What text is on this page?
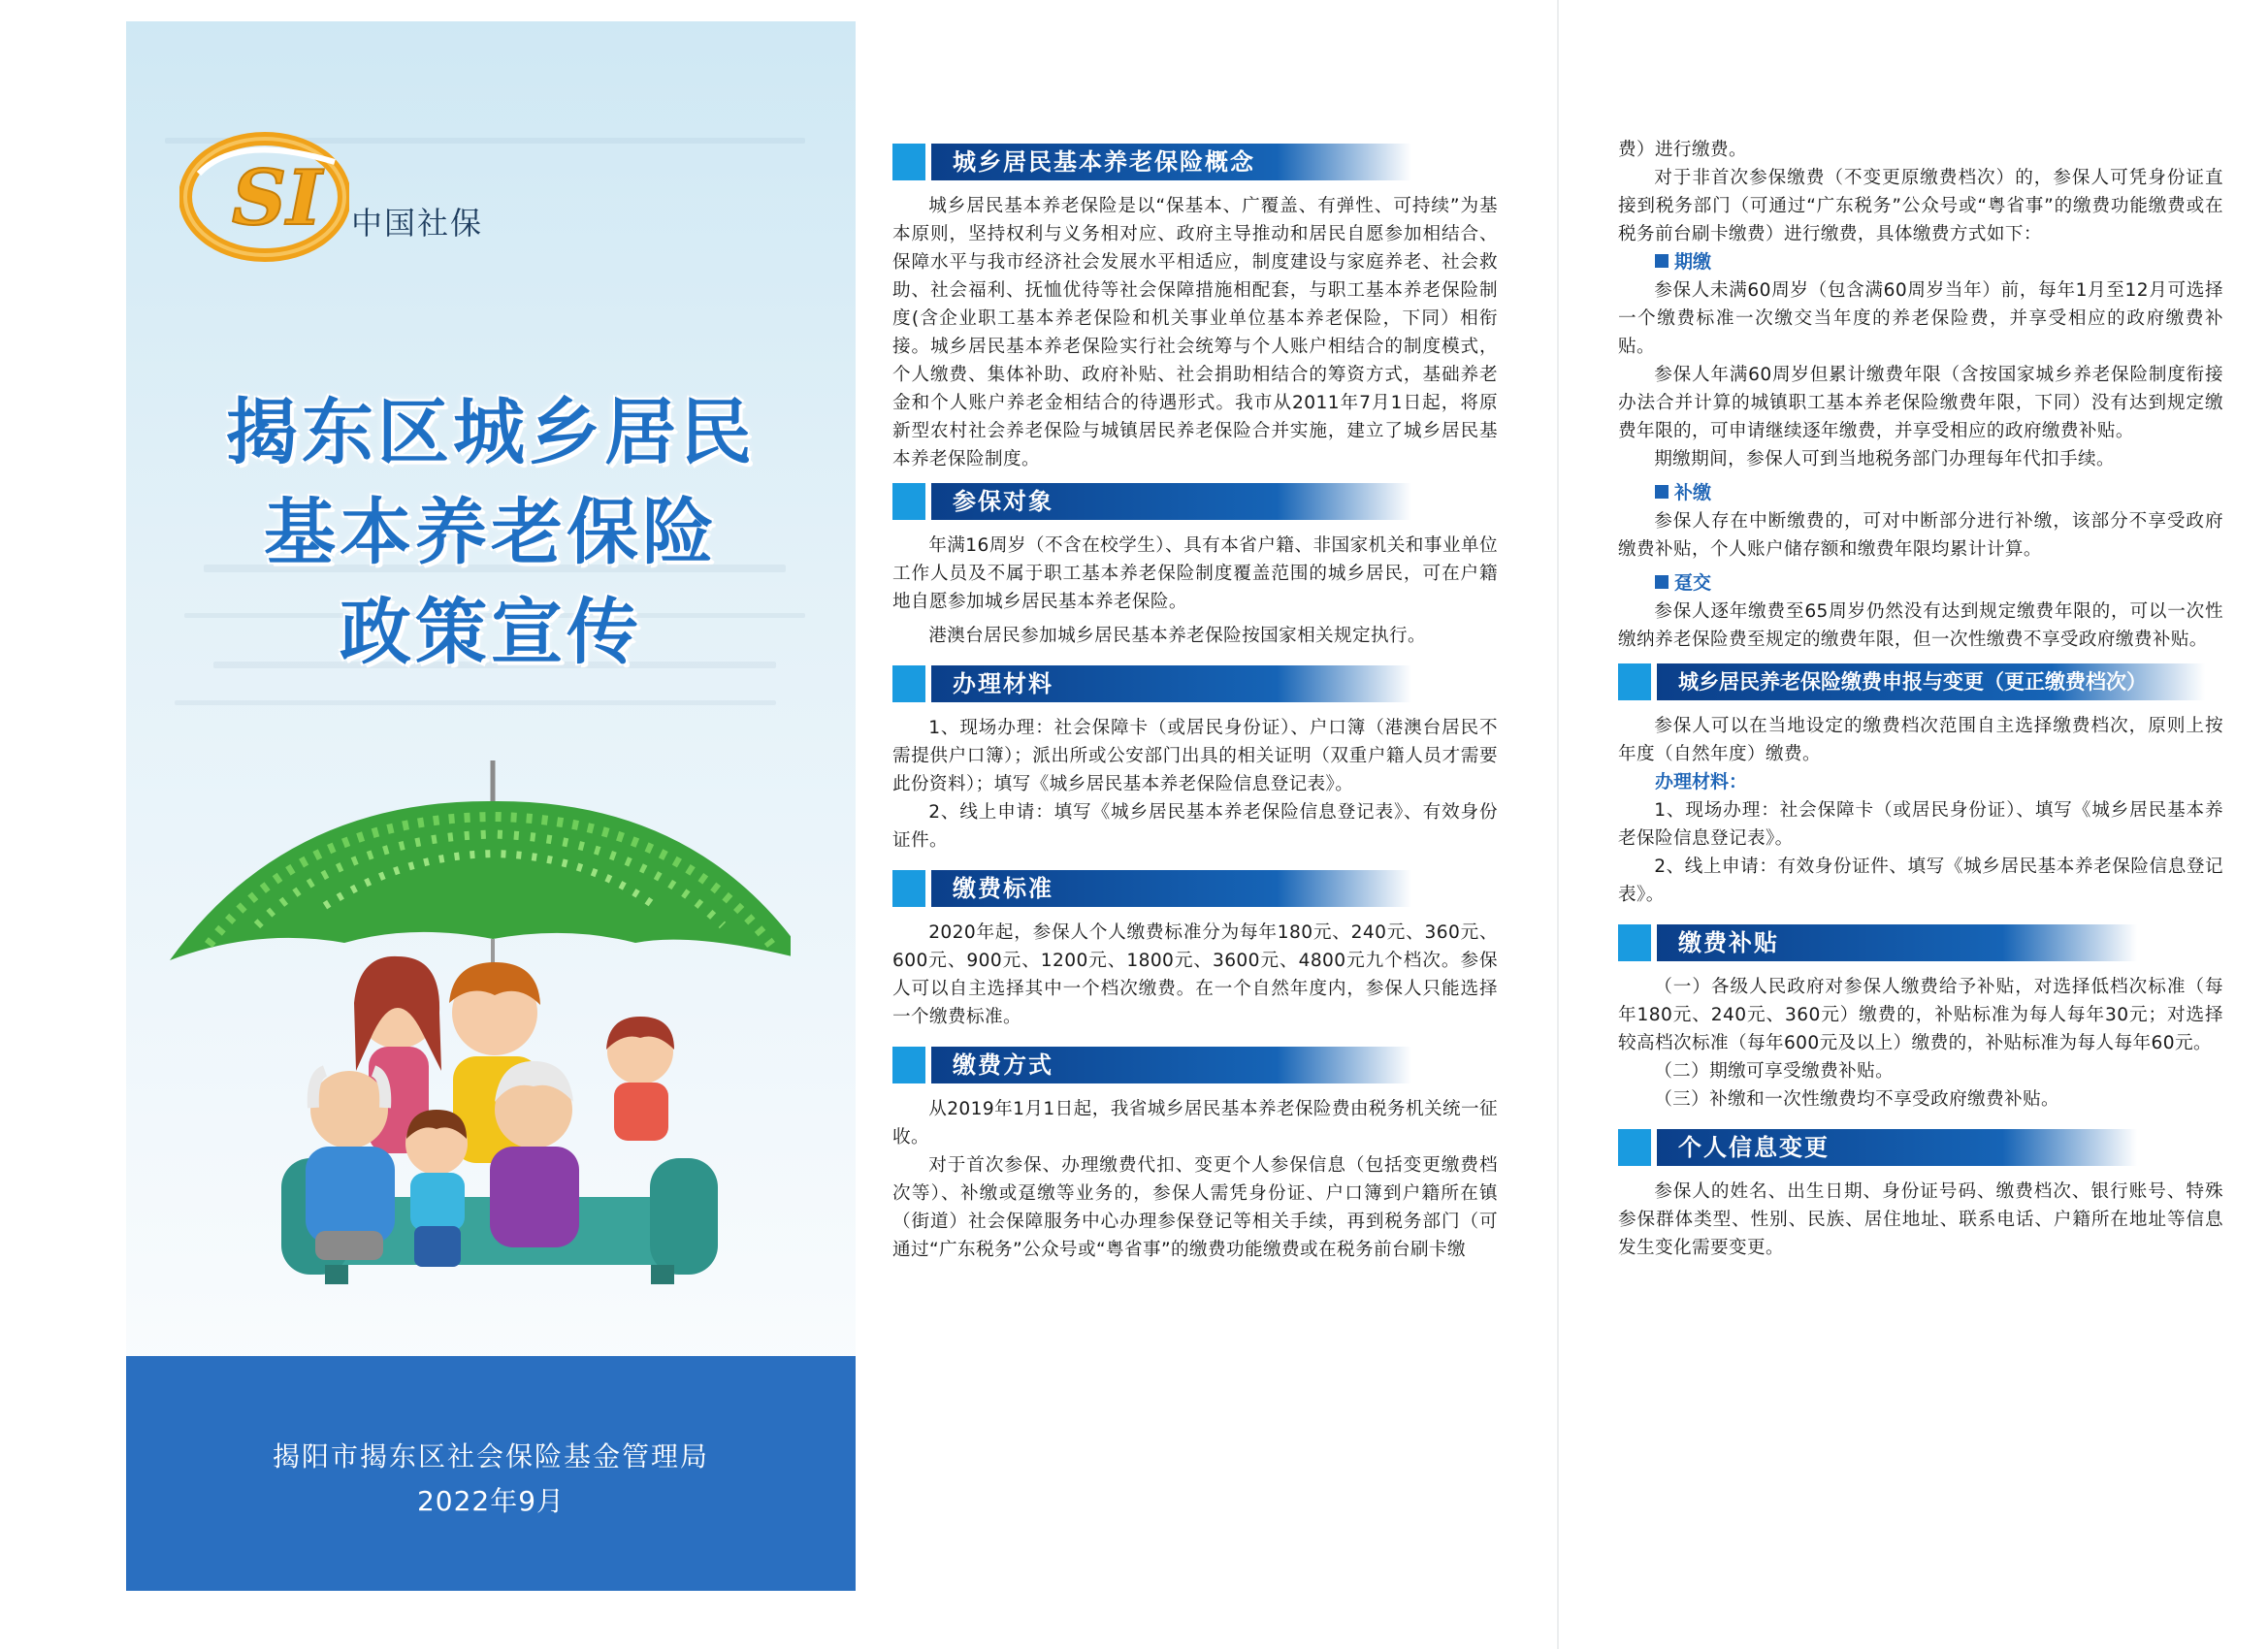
SI 中国社保
揭东区城乡居民
基本养老保险
政策宣传
揭阳市揭东区社会保险基金管理局
2022年9月
城乡居民基本养老保险概念

城乡居民基本养老保险是以“保基本、广覆盖、有弹性、可持续”为基本原则，坚持权利与义务相对应、政府主导推动和居民自愿参加相结合、保障水平与我市经济社会发展水平相适应，制度建设与家庭养老、社会救助、社会福利、抚恤优待等社会保障措施相配套，与职工基本养老保险制度(含企业职工基本养老保险和机关事业单位基本养老保险，下同）相衔接。城乡居民基本养老保险实行社会统筹与个人账户相结合的制度模式，个人缴费、集体补助、政府补贴、社会捐助相结合的筹资方式，基础养老金和个人账户养老金相结合的待遇形式。我市从2011年7月1日起，将原新型农村社会养老保险与城镇居民养老保险合并实施，建立了城乡居民基本养老保险制度。

参保对象

年满16周岁（不含在校学生）、具有本省户籍、非国家机关和事业单位工作人员及不属于职工基本养老保险制度覆盖范围的城乡居民，可在户籍地自愿参加城乡居民基本养老保险。

港澳台居民参加城乡居民基本养老保险按国家相关规定执行。

办理材料

1、现场办理：社会保障卡（或居民身份证）、户口簿（港澳台居民不需提供户口簿）；派出所或公安部门出具的相关证明（双重户籍人员才需要此份资料）；填写《城乡居民基本养老保险信息登记表》。

2、线上申请：填写《城乡居民基本养老保险信息登记表》、有效身份证件。

缴费标准

2020年起，参保人个人缴费标准分为每年180元、240元、360元、600元、900元、1200元、1800元、3600元、4800元九个档次。参保人可以自主选择其中一个档次缴费。在一个自然年度内，参保人只能选择一个缴费标准。

缴费方式

从2019年1月1日起，我省城乡居民基本养老保险费由税务机关统一征收。

对于首次参保、办理缴费代扣、变更个人参保信息（包括变更缴费档次等）、补缴或趸缴等业务的，参保人需凭身份证、户口簿到户籍所在镇（街道）社会保障服务中心办理参保登记等相关手续，再到税务部门（可通过“广东税务”公众号或“粤省事”的缴费功能缴费或在税务前台刷卡缴

费）进行缴费。

对于非首次参保缴费（不变更原缴费档次）的，参保人可凭身份证直接到税务部门（可通过“广东税务”公众号或“粤省事”的缴费功能缴费或在税务前台刷卡缴费）进行缴费，具体缴费方式如下：

期缴

参保人未满60周岁（包含满60周岁当年）前，每年1月至12月可选择一个缴费标准一次缴交当年度的养老保险费，并享受相应的政府缴费补贴。

参保人年满60周岁但累计缴费年限（含按国家城乡养老保险制度衔接办法合并计算的城镇职工基本养老保险缴费年限，下同）没有达到规定缴费年限的，可申请继续逐年缴费，并享受相应的政府缴费补贴。

期缴期间，参保人可到当地税务部门办理每年代扣手续。

补缴

参保人存在中断缴费的，可对中断部分进行补缴，该部分不享受政府缴费补贴，个人账户储存额和缴费年限均累计计算。

趸交

参保人逐年缴费至65周岁仍然没有达到规定缴费年限的，可以一次性缴纳养老保险费至规定的缴费年限，但一次性缴费不享受政府缴费补贴。

城乡居民养老保险缴费申报与变更（更正缴费档次）

参保人可以在当地设定的缴费档次范围自主选择缴费档次，原则上按年度（自然年度）缴费。

办理材料：

1、现场办理：社会保障卡（或居民身份证）、填写《城乡居民基本养老保险信息登记表》。

2、线上申请：有效身份证件、填写《城乡居民基本养老保险信息登记表》。

缴费补贴

（一）各级人民政府对参保人缴费给予补贴，对选择低档次标准（每年180元、240元、360元）缴费的，补贴标准为每人每年30元；对选择较高档次标准（每年600元及以上）缴费的，补贴标准为每人每年60元。

（二）期缴可享受缴费补贴。

（三）补缴和一次性缴费均不享受政府缴费补贴。

个人信息变更

参保人的姓名、出生日期、身份证号码、缴费档次、银行账号、特殊参保群体类型、性别、民族、居住地址、联系电话、户籍所在地址等信息发生变化需要变更。
